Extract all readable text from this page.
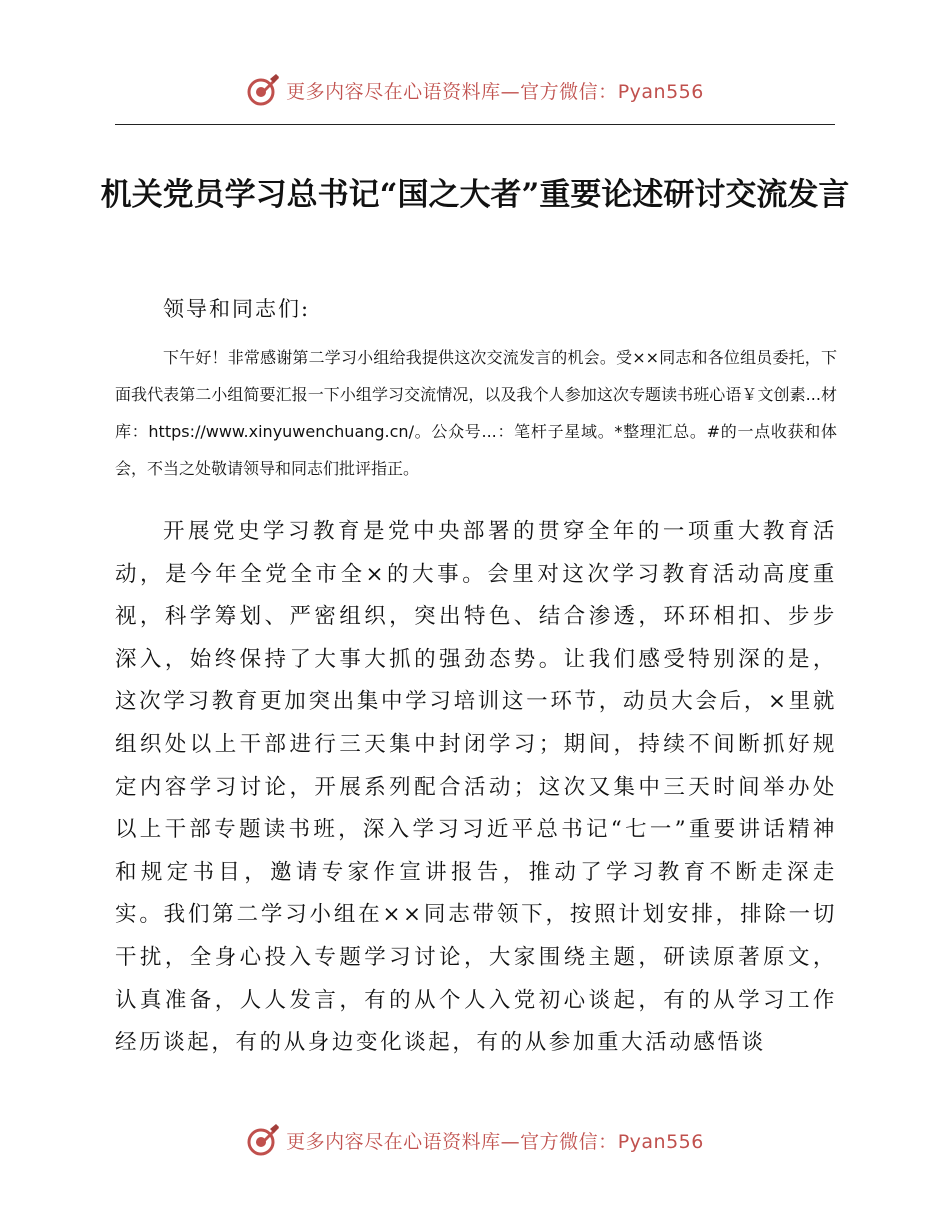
更多内容尽在心语资料库—官方微信：Pyan556
机关党员学习总书记“国之大者”重要论述研讨交流发言

领导和同志们:

下午好！非常感谢第二学习小组给我提供这次交流发言的机会。受××同志和各位组员委托，下面我代表第二小组简要汇报一下小组学习交流情况，以及我个人参加这次专题读书班心语￥文创素...材库：https://www.xinyuwenchuang.cn/。公众号...：笔杆子星域。*整理汇总。#的一点收获和体会，不当之处敬请领导和同志们批评指正。

开展党史学习教育是党中央部署的贯穿全年的一项重大教育活动，是今年全党全市全×的大事。会里对这次学习教育活动高度重视，科学筹划、严密组织，突出特色、结合渗透，环环相扣、步步深入，始终保持了大事大抓的强劲态势。让我们感受特别深的是，这次学习教育更加突出集中学习培训这一环节，动员大会后，×里就组织处以上干部进行三天集中封闭学习；期间，持续不间断抓好规定内容学习讨论，开展系列配合活动；这次又集中三天时间举办处以上干部专题读书班，深入学习习近平总书记“七一”重要讲话精神和规定书目，邀请专家作宣讲报告，推动了学习教育不断走深走实。我们第二学习小组在××同志带领下，按照计划安排，排除一切干扰，全身心投入专题学习讨论，大家围绕主题，研读原著原文，认真准备，人人发言，有的从个人入党初心谈起，有的从学习工作经历谈起，有的从身边变化谈起，有的从参加重大活动感悟谈

更多内容尽在心语资料库—官方微信：Pyan556
